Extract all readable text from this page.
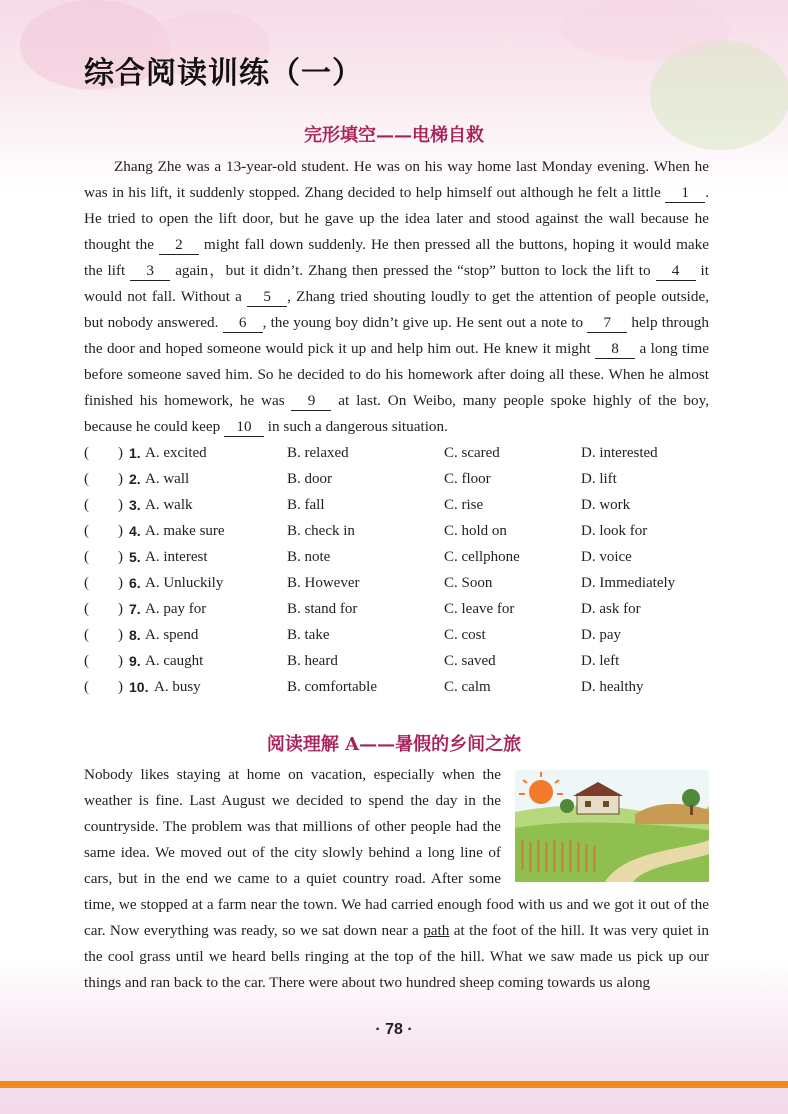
综合阅读训练（一）
完形填空——电梯自救

Zhang Zhe was a 13-year-old student. He was on his way home last Monday evening. When he was in his lift, it suddenly stopped. Zhang decided to help himself out although he felt a little 1 . He tried to open the lift door, but he gave up the idea later and stood against the wall because he thought the 2 might fall down suddenly. He then pressed all the buttons, hoping it would make the lift 3 again，but it didn’t. Zhang then pressed the “stop” button to lock the lift to 4 it would not fall. Without a 5 , Zhang tried shouting loudly to get the attention of people outside, but nobody answered. 6 , the young boy didn’t give up. He sent out a note to 7 help through the door and hoped someone would pick it up and help him out. He knew it might 8 a long time before someone saved him. So he decided to do his homework after doing all these. When he almost finished his homework, he was 9 at last. On Weibo, many people spoke highly of the boy, because he could keep 10 in such a dangerous situation.

( ) 1. A. excited	B. relaxed	C. scared	D. interested
( ) 2. A. wall	B. door	C. floor	D. lift
( ) 3. A. walk	B. fall	C. rise	D. work
( ) 4. A. make sure	B. check in	C. hold on	D. look for
( ) 5. A. interest	B. note	C. cellphone	D. voice
( ) 6. A. Unluckily	B. However	C. Soon	D. Immediately
( ) 7. A. pay for	B. stand for	C. leave for	D. ask for
( ) 8. A. spend	B. take	C. cost	D. pay
( ) 9. A. caught	B. heard	C. saved	D. left
( ) 10. A. busy	B. comfortable	C. calm	D. healthy
阅读理解 A——暑假的乡间之旅

Nobody likes staying at home on vacation, especially when the weather is fine. Last August we decided to spend the day in the countryside. The problem was that millions of other people had the same idea. We moved out of the city slowly behind a long line of cars, but in the end we came to a quiet country road. After some time, we stopped at a farm near the town. We had carried enough food with us and we got it out of the car. Now everything was ready, so we sat down near a path at the foot of the hill. It was very quiet in the cool grass until we heard bells ringing at the top of the hill. What we saw made us pick up our things and ran back to the car. There were about two hundred sheep coming towards us along

· 78 ·
